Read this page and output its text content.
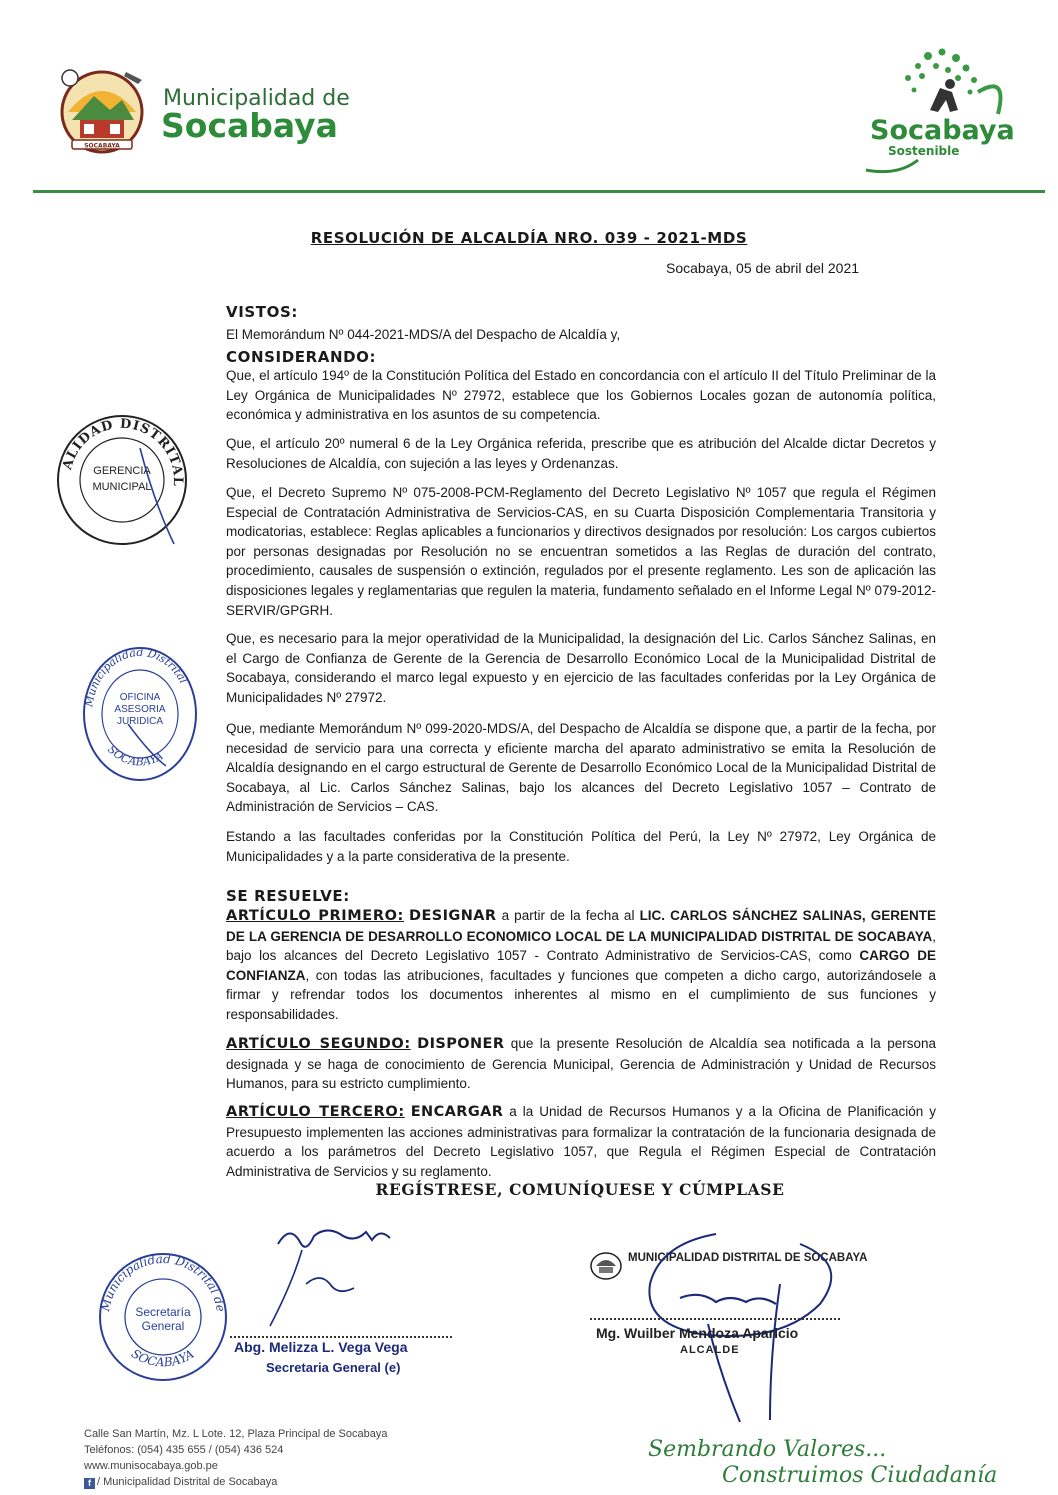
SOCABAYA
Municipalidad de
Socabaya	Socabaya
Sostenible
ALIDAD DISTRITAL
GERENCIA
MUNICIPAL
Municipalidad Distrital
SOCABAYA
OFICINA
ASESORIA
JURIDICA
RESOLUCIÓN DE ALCALDÍA NRO. 039 - 2021-MDS
Socabaya, 05 de abril del 2021
VISTOS:
El Memorándum Nº 044-2021-MDS/A del Despacho de Alcaldía y,
CONSIDERANDO:
Que, el artículo 194º de la Constitución Política del Estado en concordancia con el artículo II del Título Preliminar de la Ley Orgánica de Municipalidades Nº 27972, establece que los Gobiernos Locales gozan de autonomía política, económica y administrativa en los asuntos de su competencia.
Que, el artículo 20º numeral 6 de la Ley Orgánica referida, prescribe que es atribución del Alcalde dictar Decretos y Resoluciones de Alcaldía, con sujeción a las leyes y Ordenanzas.
Que, el Decreto Supremo Nº 075-2008-PCM-Reglamento del Decreto Legislativo Nº 1057 que regula el Régimen Especial de Contratación Administrativa de Servicios-CAS, en su Cuarta Disposición Complementaria Transitoria y modicatorias, establece: Reglas aplicables a funcionarios y directivos designados por resolución: Los cargos cubiertos por personas designadas por Resolución no se encuentran sometidos a las Reglas de duración del contrato, procedimiento, causales de suspensión o extinción, regulados por el presente reglamento. Les son de aplicación las disposiciones legales y reglamentarias que regulen la materia, fundamento señalado en el Informe Legal Nº 079-2012-SERVIR/GPGRH.
Que, es necesario para la mejor operatividad de la Municipalidad, la designación del Lic. Carlos Sánchez Salinas, en el Cargo de Confianza de Gerente de la Gerencia de Desarrollo Económico Local de la Municipalidad Distrital de Socabaya, considerando el marco legal expuesto y en ejercicio de las facultades conferidas por la Ley Orgánica de Municipalidades Nº 27972.
Que, mediante Memorándum Nº 099-2020-MDS/A, del Despacho de Alcaldía se dispone que, a partir de la fecha, por necesidad de servicio para una correcta y eficiente marcha del aparato administrativo se emita la Resolución de Alcaldía designando en el cargo estructural de Gerente de Desarrollo Económico Local de la Municipalidad Distrital de Socabaya, al Lic. Carlos Sánchez Salinas, bajo los alcances del Decreto Legislativo 1057 – Contrato de Administración de Servicios – CAS.
Estando a las facultades conferidas por la Constitución Política del Perú, la Ley Nº 27972, Ley Orgánica de Municipalidades y a la parte considerativa de la presente.
SE RESUELVE:
ARTÍCULO PRIMERO: DESIGNAR a partir de la fecha al LIC. CARLOS SÁNCHEZ SALINAS, GERENTE DE LA GERENCIA DE DESARROLLO ECONOMICO LOCAL DE LA MUNICIPALIDAD DISTRITAL DE SOCABAYA, bajo los alcances del Decreto Legislativo 1057 - Contrato Administrativo de Servicios-CAS, como CARGO DE CONFIANZA, con todas las atribuciones, facultades y funciones que competen a dicho cargo, autorizándosele a firmar y refrendar todos los documentos inherentes al mismo en el cumplimiento de sus funciones y responsabilidades.
ARTÍCULO SEGUNDO: DISPONER que la presente Resolución de Alcaldía sea notificada a la persona designada y se haga de conocimiento de Gerencia Municipal, Gerencia de Administración y Unidad de Recursos Humanos, para su estricto cumplimiento.
ARTÍCULO TERCERO: ENCARGAR a la Unidad de Recursos Humanos y a la Oficina de Planificación y Presupuesto implementen las acciones administrativas para formalizar la contratación de la funcionaria designada de acuerdo a los parámetros del Decreto Legislativo 1057, que Regula el Régimen Especial de Contratación Administrativa de Servicios y su reglamento.
REGÍSTRESE, COMUNÍQUESE Y CÚMPLASE
Municipalidad Distrital de
SOCABAYA
Secretaría
General
Abg. Melizza L. Vega Vega
Secretaria General (e)
MUNICIPALIDAD DISTRITAL DE SOCABAYA
Mg. Wuilber Mendoza Aparicio
ALCALDE
Calle San Martín, Mz. L Lote. 12, Plaza Principal de Socabaya
Teléfonos: (054) 435 655 / (054) 436 524
www.munisocabaya.gob.pe
f / Municipalidad Distrital de Socabaya
Sembrando Valores...
Construimos Ciudadanía
